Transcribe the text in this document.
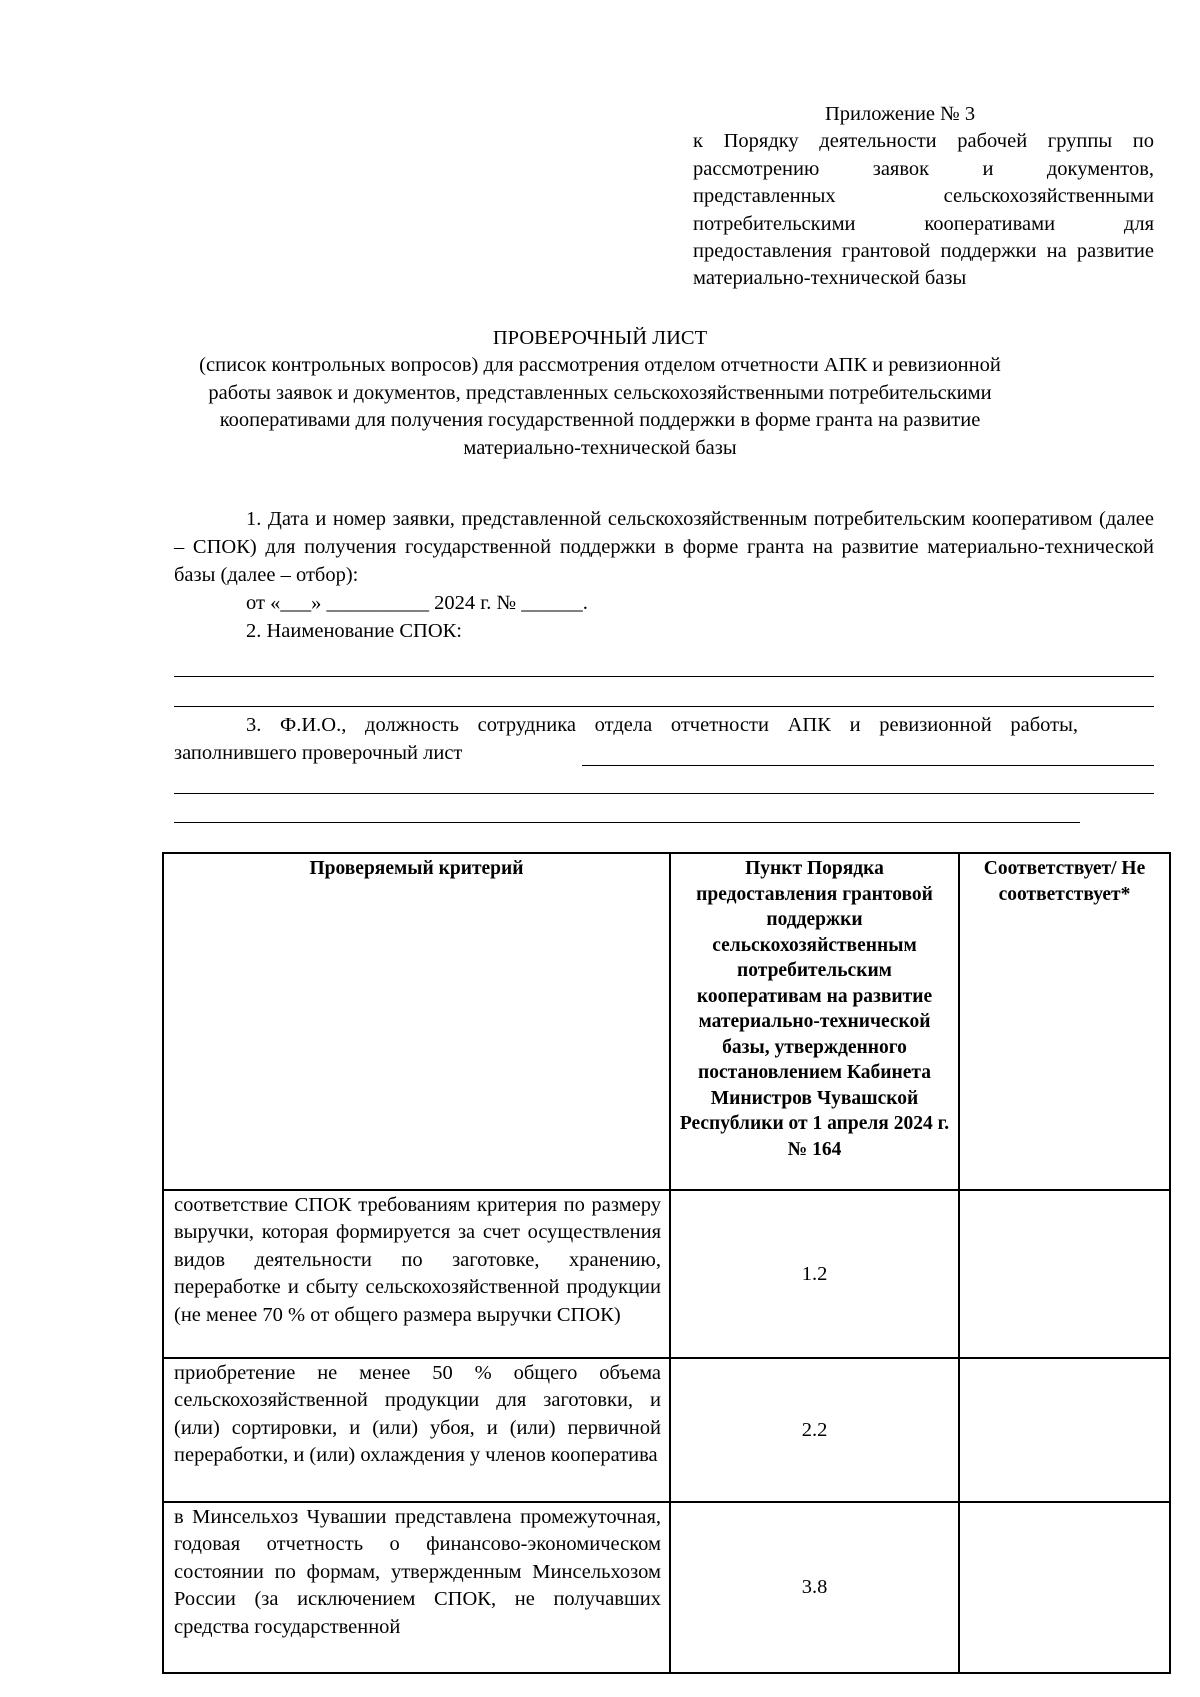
Приложение № 3
к Порядку деятельности рабочей группы по рассмотрению заявок и документов, представленных сельскохозяйственными потребительскими кооперативами для предоставления грантовой поддержки на развитие материально-технической базы
ПРОВЕРОЧНЫЙ ЛИСТ
(список контрольных вопросов) для рассмотрения отделом отчетности АПК и ревизионной работы заявок и документов, представленных сельскохозяйственными потребительскими кооперативами для получения государственной поддержки в форме гранта на развитие материально-технической базы
1. Дата и номер заявки, представленной сельскохозяйственным потребительским кооперативом (далее – СПОК) для получения государственной поддержки в форме гранта на развитие материально-технической базы (далее – отбор):
от «___» __________ 2024 г. № ______.
2. Наименование СПОК:
3. Ф.И.О., должность сотрудника отдела отчетности АПК и ревизионной работы, заполнившего проверочный лист
Проверяемый критерий	Пункт Порядка предоставления грантовой поддержки сельскохозяйственным потребительским кооперативам на развитие материально-технической базы, утвержденного постановлением Кабинета Министров Чувашской Республики от 1 апреля 2024 г. № 164	Соответствует/ Не соответствует*

соответствие СПОК требованиям критерия по размеру выручки, которая формируется за счет осуществления видов деятельности по заготовке, хранению, переработке и сбыту сельскохозяйственной продукции (не менее 70 % от общего размера выручки СПОК)	1.2	

приобретение не менее 50 % общего объема сельскохозяйственной продукции для заготовки, и (или) сортировки, и (или) убоя, и (или) первичной переработки, и (или) охлаждения у членов кооператива	2.2	

в Минсельхоз Чувашии представлена промежуточная, годовая отчетность о финансово-экономическом состоянии по формам, утвержденным Минсельхозом России (за исключением СПОК, не получавших средства государственной	3.8	
